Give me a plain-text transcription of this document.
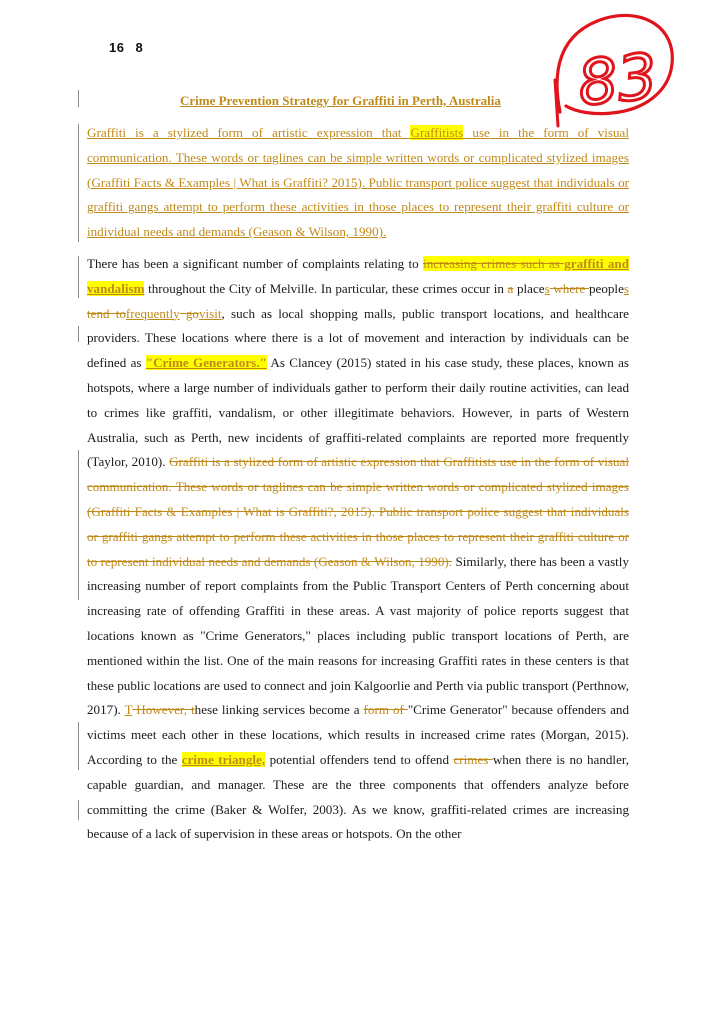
16 8	83
Crime Prevention Strategy for Graffiti in Perth, Australia

Graffiti is a stylized form of artistic expression that Graffitists use in the form of visual communication. These words or taglines can be simple written words or complicated stylized images (Graffiti Facts & Examples | What is Graffiti? 2015). Public transport police suggest that individuals or graffiti gangs attempt to perform these activities in those places to represent their graffiti culture or individual needs and demands (Geason & Wilson, 1990).

There has been a significant number of complaints relating to increasing crimes such as graffiti and vandalism throughout the City of Melville. In particular, these crimes occur in a places where peoples tend tofrequently govisit, such as local shopping malls, public transport locations, and healthcare providers. These locations where there is a lot of movement and interaction by individuals can be defined as "Crime Generators." As Clancey (2015) stated in his case study, these places, known as hotspots, where a large number of individuals gather to perform their daily routine activities, can lead to crimes like graffiti, vandalism, or other illegitimate behaviors. However, in parts of Western Australia, such as Perth, new incidents of graffiti-related complaints are reported more frequently (Taylor, 2010). Graffiti is a stylized form of artistic expression that Graffitists use in the form of visual communication. These words or taglines can be simple written words or complicated stylized images (Graffiti Facts & Examples | What is Graffiti?, 2015). Public transport police suggest that individuals or graffiti gangs attempt to perform these activities in those places to represent their graffiti culture or to represent individual needs and demands (Geason & Wilson, 1990). Similarly, there has been a vastly increasing number of report complaints from the Public Transport Centers of Perth concerning about increasing rate of offending Graffiti in these areas. A vast majority of police reports suggest that locations known as "Crime Generators," places including public transport locations of Perth, are mentioned within the list. One of the main reasons for increasing Graffiti rates in these centers is that these public locations are used to connect and join Kalgoorlie and Perth via public transport (Perthnow, 2017). T However, these linking services become a form of "Crime Generator" because offenders and victims meet each other in these locations, which results in increased crime rates (Morgan, 2015). According to the crime triangle, potential offenders tend to offend crimes when there is no handler, capable guardian, and manager. These are the three components that offenders analyze before committing the crime (Baker & Wolfer, 2003). As we know, graffiti-related crimes are increasing because of a lack of supervision in these areas or hotspots. On the other
